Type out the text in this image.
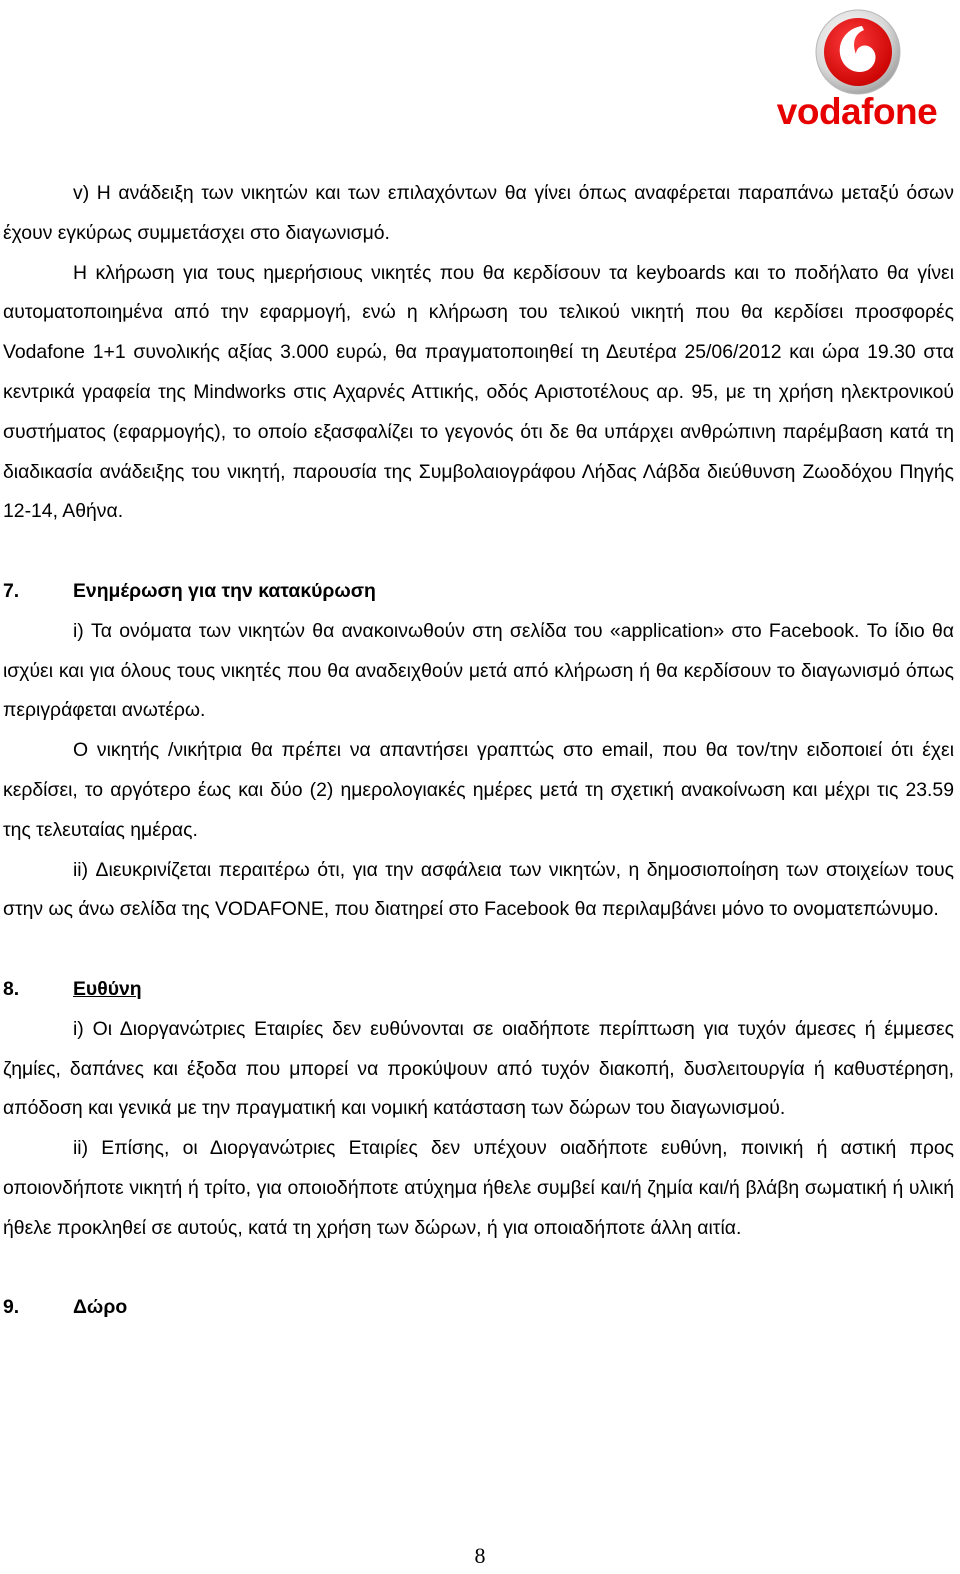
vodafone

v) Η ανάδειξη των νικητών και των επιλαχόντων θα γίνει όπως αναφέρεται παραπάνω μεταξύ όσων έχουν εγκύρως συμμετάσχει στο διαγωνισμό.

Η κλήρωση για τους ημερήσιους νικητές που θα κερδίσουν τα keyboards και το ποδήλατο θα γίνει αυτοματοποιημένα από την εφαρμογή, ενώ η κλήρωση του τελικού νικητή που θα κερδίσει προσφορές Vodafone 1+1 συνολικής αξίας 3.000 ευρώ, θα πραγματοποιηθεί τη Δευτέρα 25/06/2012 και ώρα 19.30 στα κεντρικά γραφεία της Mindworks στις Αχαρνές Αττικής, οδός Αριστοτέλους αρ. 95, με τη χρήση ηλεκτρονικού συστήματος (εφαρμογής), το οποίο εξασφαλίζει το γεγονός ότι δε θα υπάρχει ανθρώπινη παρέμβαση κατά τη διαδικασία ανάδειξης του νικητή, παρουσία της Συμβολαιογράφου Λήδας Λάβδα διεύθυνση Ζωοδόχου Πηγής 12-14, Αθήνα.

7.	Ενημέρωση για την κατακύρωση

i) Τα ονόματα των νικητών θα ανακοινωθούν στη σελίδα του «application» στο Facebook. Το ίδιο θα ισχύει και για όλους τους νικητές που θα αναδειχθούν μετά από κλήρωση ή θα κερδίσουν το διαγωνισμό όπως περιγράφεται ανωτέρω.

Ο νικητής /νικήτρια θα πρέπει να απαντήσει γραπτώς στο email, που θα τον/την ειδοποιεί ότι έχει κερδίσει, το αργότερο έως και δύο (2) ημερολογιακές ημέρες μετά τη σχετική ανακοίνωση και μέχρι τις 23.59 της τελευταίας ημέρας.

ii) Διευκρινίζεται περαιτέρω ότι, για την ασφάλεια των νικητών, η δημοσιοποίηση των στοιχείων τους στην ως άνω σελίδα της VODAFONE, που διατηρεί στο Facebook θα περιλαμβάνει μόνο το ονοματεπώνυμο.

8.	Ευθύνη

i) Οι Διοργανώτριες Εταιρίες δεν ευθύνονται σε οιαδήποτε περίπτωση για τυχόν άμεσες ή έμμεσες ζημίες, δαπάνες και έξοδα που μπορεί να προκύψουν από τυχόν διακοπή, δυσλειτουργία ή καθυστέρηση, απόδοση και γενικά με την πραγματική και νομική κατάσταση των δώρων του διαγωνισμού.

ii) Επίσης, οι Διοργανώτριες Εταιρίες δεν υπέχουν οιαδήποτε ευθύνη, ποινική ή αστική προς οποιονδήποτε νικητή ή τρίτο, για οποιοδήποτε ατύχημα ήθελε συμβεί και/ή ζημία και/ή βλάβη σωματική ή υλική ήθελε προκληθεί σε αυτούς, κατά τη χρήση των δώρων, ή για οποιαδήποτε άλλη αιτία.

9.	Δώρο
8
